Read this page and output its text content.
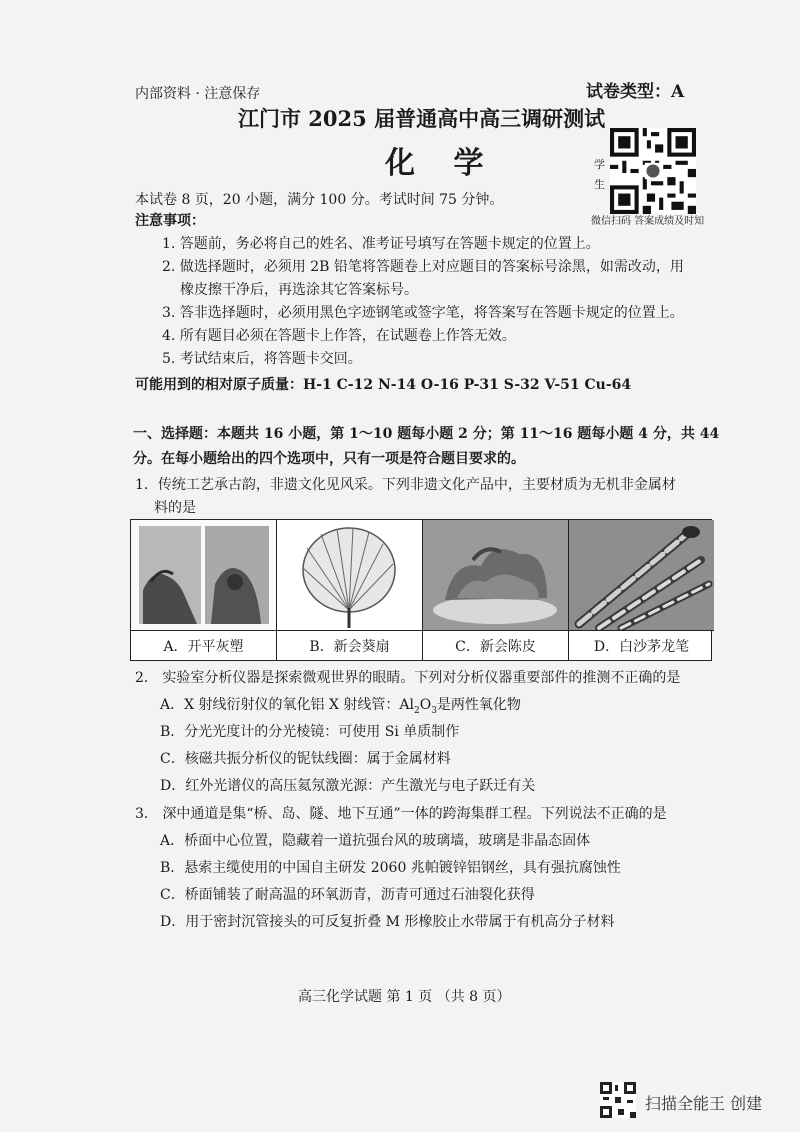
内部资料 · 注意保存	试卷类型：A
江门市 2025 届普通高中高三调研测试
化 学	学生
微信扫码 答案成绩及时知
本试卷 8 页，20 小题，满分 100 分。考试时间 75 分钟。
注意事项：
1. 答题前，务必将自己的姓名、准考证号填写在答题卡规定的位置上。
2. 做选择题时，必须用 2B 铅笔将答题卷上对应题目的答案标号涂黑，如需改动，用
橡皮擦干净后，再选涂其它答案标号。
3. 答非选择题时，必须用黑色字迹钢笔或签字笔，将答案写在答题卡规定的位置上。
4. 所有题目必须在答题卡上作答，在试题卷上作答无效。
5. 考试结束后，将答题卡交回。
可能用到的相对原子质量：H-1 C-12 N-14 O-16 P-31 S-32 V-51 Cu-64
一、选择题：本题共 16 小题，第 1～10 题每小题 2 分；第 11～16 题每小题 4 分，共 44
分。在每小题给出的四个选项中，只有一项是符合题目要求的。
1．传统工艺承古韵，非遗文化见风采。下列非遗文化产品中，主要材质为无机非金属材
料的是
A．开平灰塑	B．新会葵扇	C．新会陈皮	D．白沙茅龙笔
2． 实验室分析仪器是探索微观世界的眼睛。下列对分析仪器重要部件的推测不正确的是
A．X 射线衍射仪的氧化铝 X 射线管：$Al_2O_3$是两性氧化物
B．分光光度计的分光棱镜：可使用 Si 单质制作
C．核磁共振分析仪的铌钛线圈：属于金属材料
D．红外光谱仪的高压氦氖激光源：产生激光与电子跃迁有关
3． 深中通道是集“桥、岛、隧、地下互通”一体的跨海集群工程。下列说法不正确的是
A．桥面中心位置，隐藏着一道抗强台风的玻璃墙，玻璃是非晶态固体
B．悬索主缆使用的中国自主研发 2060 兆帕镀锌铝钢丝，具有强抗腐蚀性
C．桥面铺装了耐高温的环氧沥青，沥青可通过石油裂化获得
D．用于密封沉管接头的可反复折叠 M 形橡胶止水带属于有机高分子材料
高三化学试题 第 1 页 （共 8 页）
扫描全能王 创建
